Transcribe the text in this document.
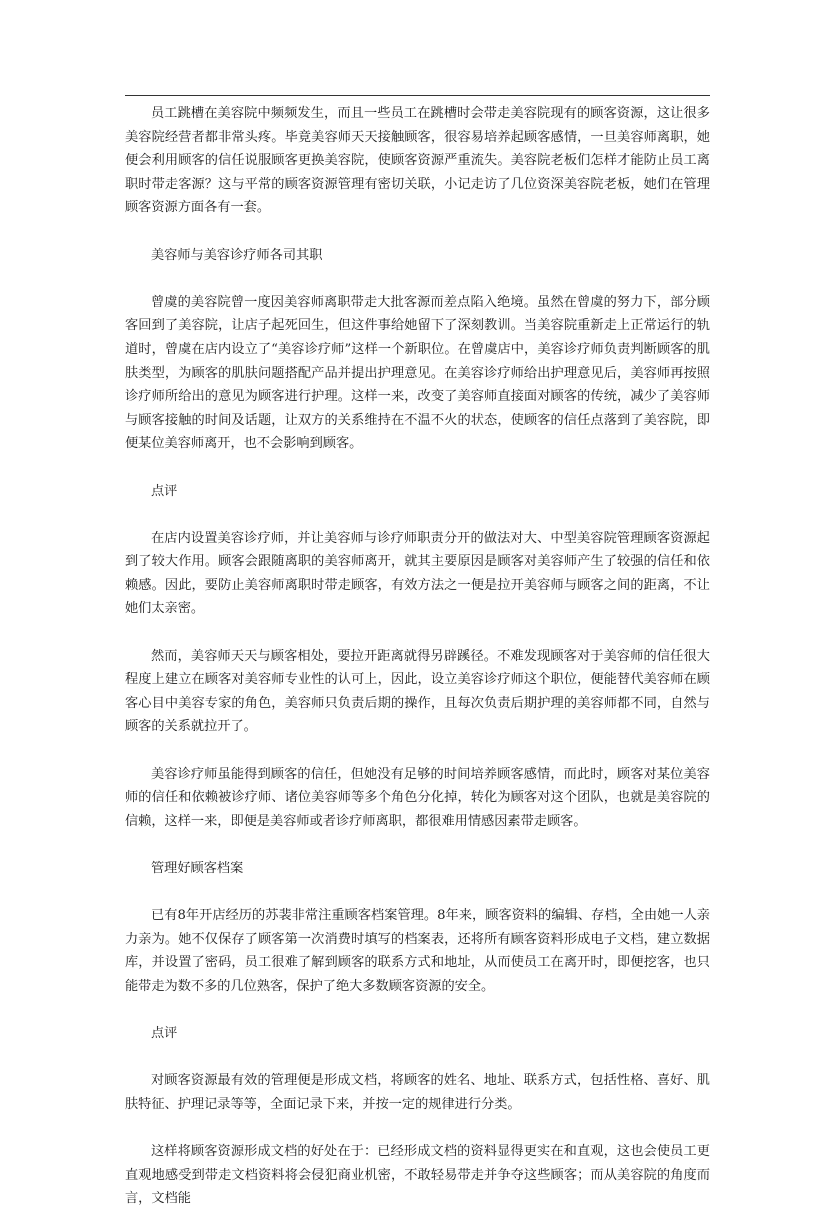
员工跳槽在美容院中频频发生，而且一些员工在跳槽时会带走美容院现有的顾客资源，这让很多美容院经营者都非常头疼。毕竟美容师天天接触顾客，很容易培养起顾客感情，一旦美容师离职，她便会利用顾客的信任说服顾客更换美容院，使顾客资源严重流失。美容院老板们怎样才能防止员工离职时带走客源？这与平常的顾客资源管理有密切关联，小记走访了几位资深美容院老板，她们在管理顾客资源方面各有一套。

美容师与美容诊疗师各司其职

曾虞的美容院曾一度因美容师离职带走大批客源而差点陷入绝境。虽然在曾虞的努力下，部分顾客回到了美容院，让店子起死回生，但这件事给她留下了深刻教训。当美容院重新走上正常运行的轨道时，曾虞在店内设立了“美容诊疗师”这样一个新职位。在曾虞店中，美容诊疗师负责判断顾客的肌肤类型，为顾客的肌肤问题搭配产品并提出护理意见。在美容诊疗师给出护理意见后，美容师再按照诊疗师所给出的意见为顾客进行护理。这样一来，改变了美容师直接面对顾客的传统，减少了美容师与顾客接触的时间及话题，让双方的关系维持在不温不火的状态，使顾客的信任点落到了美容院，即便某位美容师离开，也不会影响到顾客。

点评

在店内设置美容诊疗师，并让美容师与诊疗师职责分开的做法对大、中型美容院管理顾客资源起到了较大作用。顾客会跟随离职的美容师离开，就其主要原因是顾客对美容师产生了较强的信任和依赖感。因此，要防止美容师离职时带走顾客，有效方法之一便是拉开美容师与顾客之间的距离，不让她们太亲密。

然而，美容师天天与顾客相处，要拉开距离就得另辟蹊径。不难发现顾客对于美容师的信任很大程度上建立在顾客对美容师专业性的认可上，因此，设立美容诊疗师这个职位，便能替代美容师在顾客心目中美容专家的角色，美容师只负责后期的操作，且每次负责后期护理的美容师都不同，自然与顾客的关系就拉开了。

美容诊疗师虽能得到顾客的信任，但她没有足够的时间培养顾客感情，而此时，顾客对某位美容师的信任和依赖被诊疗师、诸位美容师等多个角色分化掉，转化为顾客对这个团队，也就是美容院的信赖，这样一来，即便是美容师或者诊疗师离职，都很难用情感因素带走顾客。

管理好顾客档案

已有8年开店经历的苏裴非常注重顾客档案管理。8年来，顾客资料的编辑、存档，全由她一人亲力亲为。她不仅保存了顾客第一次消费时填写的档案表，还将所有顾客资料形成电子文档，建立数据库，并设置了密码，员工很难了解到顾客的联系方式和地址，从而使员工在离开时，即便挖客，也只能带走为数不多的几位熟客，保护了绝大多数顾客资源的安全。

点评

对顾客资源最有效的管理便是形成文档，将顾客的姓名、地址、联系方式，包括性格、喜好、肌肤特征、护理记录等等，全面记录下来，并按一定的规律进行分类。

这样将顾客资源形成文档的好处在于：已经形成文档的资料显得更实在和直观，这也会使员工更直观地感受到带走文档资料将会侵犯商业机密，不敢轻易带走并争夺这些顾客；而从美容院的角度而言，文档能
